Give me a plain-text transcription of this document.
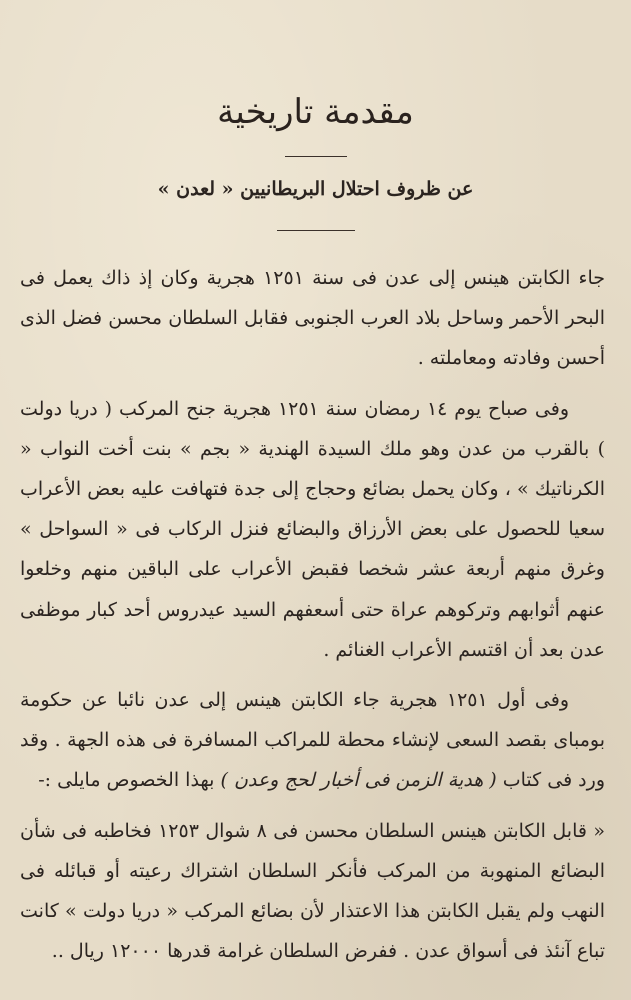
مقدمة تاريخية
عن ظروف احتلال البريطانيين « لعدن »

جاء الكابتن هينس إلى عدن فى سنة ١٢٥١ هجرية وكان إذ ذاك يعمل فى البحر الأحمر وساحل بلاد العرب الجنوبى فقابل السلطان محسن فضل الذى أحسن وفادته ومعاملته .

وفى صباح يوم ١٤ رمضان سنة ١٢٥١ هجرية جنح المركب ( دريا دولت ) بالقرب من عدن وهو ملك السيدة الهندية « بجم » بنت أخت النواب « الكرناتيك » ، وكان يحمل بضائع وحجاج إلى جدة فتهافت عليه بعض الأعراب سعيا للحصول على بعض الأرزاق والبضائع فنزل الركاب فى « السواحل » وغرق منهم أربعة عشر شخصا فقبض الأعراب على الباقين منهم وخلعوا عنهم أثوابهم وتركوهم عراة حتى أسعفهم السيد عيدروس أحد كبار موظفى عدن بعد أن اقتسم الأعراب الغنائم .

وفى أول ١٢٥١ هجرية جاء الكابتن هينس إلى عدن نائبا عن حكومة بومباى بقصد السعى لإنشاء محطة للمراكب المسافرة فى هذه الجهة . وقد ورد فى كتاب ( هدية الزمن فى أخبار لحج وعدن ) بهذا الخصوص مايلى :-

« قابل الكابتن هينس السلطان محسن فى ٨ شوال ١٢٥٣ فخاطبه فى شأن البضائع المنهوبة من المركب فأنكر السلطان اشتراك رعيته أو قبائله فى النهب ولم يقبل الكابتن هذا الاعتذار لأن بضائع المركب « دريا دولت » كانت تباع آنئذ فى أسواق عدن . ففرض السلطان غرامة قدرها ١٢٠٠٠ ريال ..
